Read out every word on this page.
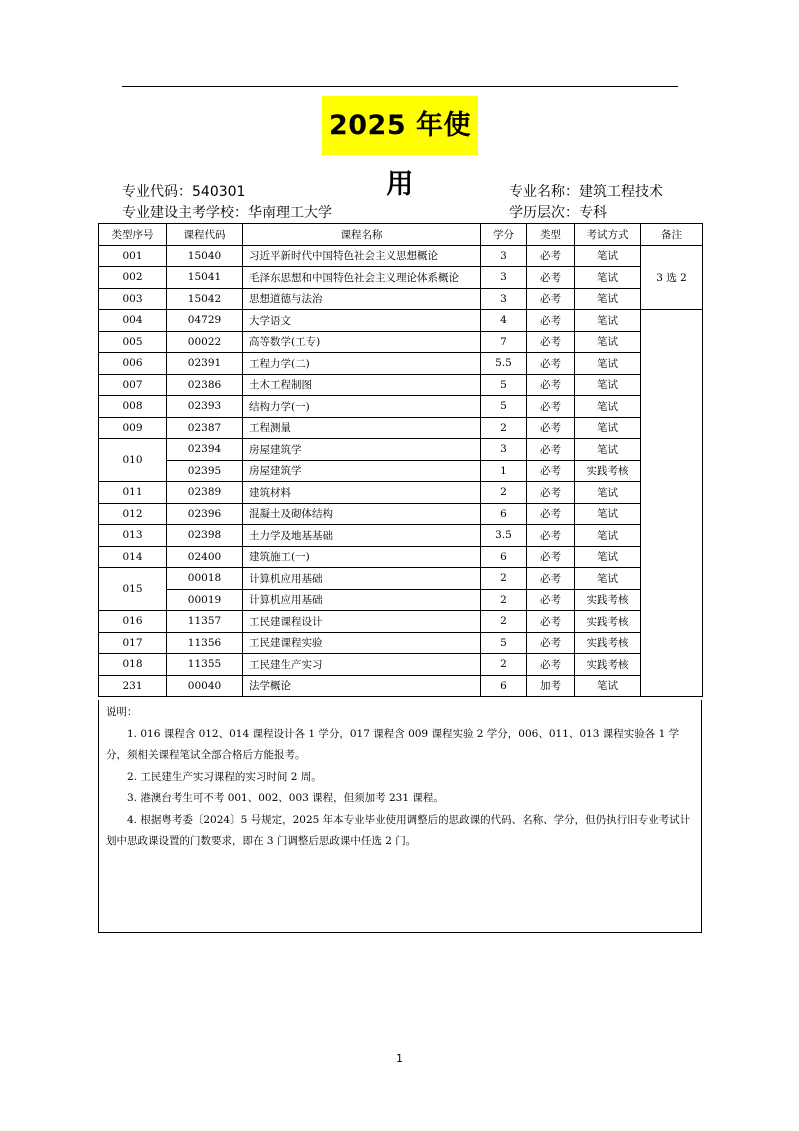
2025 年使用
专业代码：540301	专业名称：建筑工程技术
专业建设主考学校：华南理工大学	学历层次：专科
类型序号	课程代码	课程名称	学分	类型	考试方式	备注
001	15040	习近平新时代中国特色社会主义思想概论	3	必考	笔试	3 选 2
002	15041	毛泽东思想和中国特色社会主义理论体系概论	3	必考	笔试	
003	15042	思想道德与法治	3	必考	笔试	
004	04729	大学语文	4	必考	笔试	
005	00022	高等数学(工专)	7	必考	笔试	
006	02391	工程力学(二)	5.5	必考	笔试	
007	02386	土木工程制图	5	必考	笔试	
008	02393	结构力学(一)	5	必考	笔试	
009	02387	工程测量	2	必考	笔试	
010	02394	房屋建筑学	3	必考	笔试	
	02395	房屋建筑学	1	必考	实践考核	
011	02389	建筑材料	2	必考	笔试	
012	02396	混凝土及砌体结构	6	必考	笔试	
013	02398	土力学及地基基础	3.5	必考	笔试	
014	02400	建筑施工(一)	6	必考	笔试	
015	00018	计算机应用基础	2	必考	笔试	
	00019	计算机应用基础	2	必考	实践考核	
016	11357	工民建课程设计	2	必考	实践考核	
017	11356	工民建课程实验	5	必考	实践考核	
018	11355	工民建生产实习	2	必考	实践考核	
231	00040	法学概论	6	加考	笔试	

说明：

1. 016 课程含 012、014 课程设计各 1 学分，017 课程含 009 课程实验 2 学分，006、011、013 课程实验各 1 学分，须相关课程笔试全部合格后方能报考。

2. 工民建生产实习课程的实习时间 2 周。

3. 港澳台考生可不考 001、002、003 课程，但须加考 231 课程。

4. 根据粤考委〔2024〕5 号规定，2025 年本专业毕业使用调整后的思政课的代码、名称、学分，但仍执行旧专业考试计划中思政课设置的门数要求，即在 3 门调整后思政课中任选 2 门。

1
